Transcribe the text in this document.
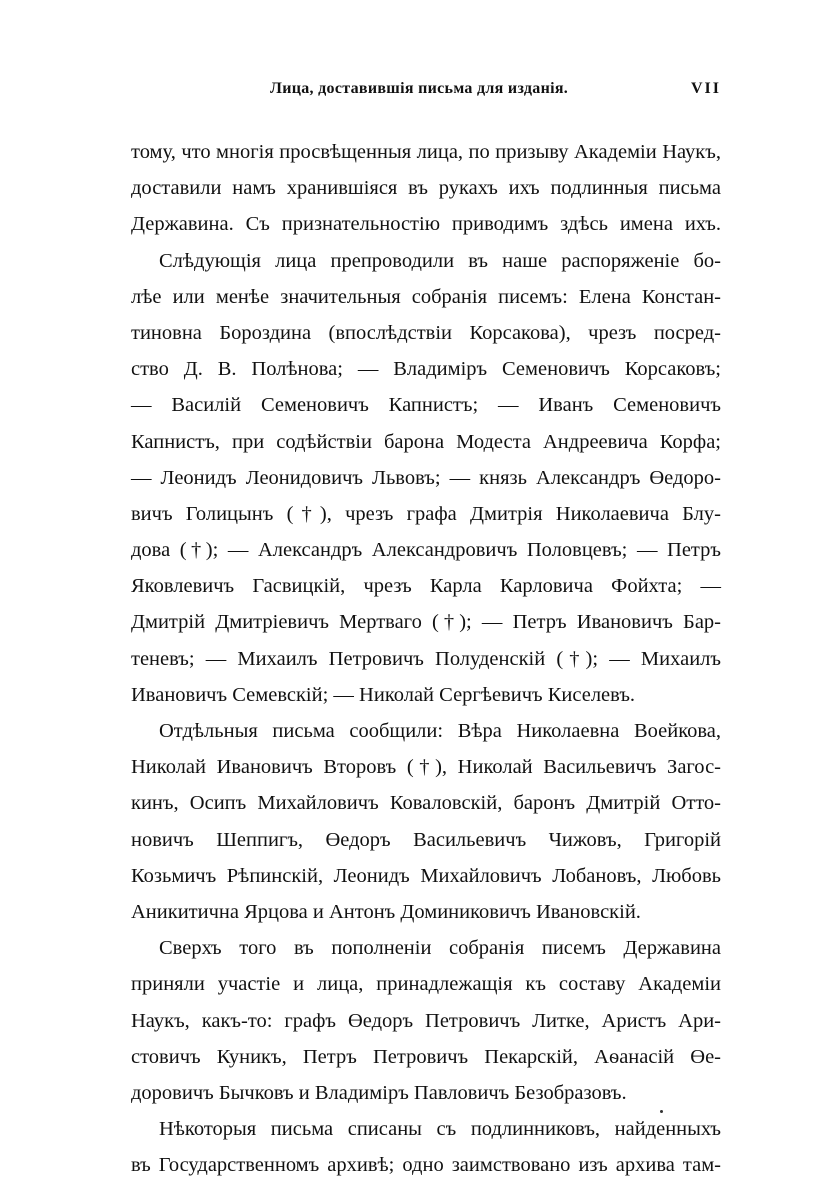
Лица, доставившія письма для изданія.	VII

тому, что многія просвѣщенныя лица, по призыву Академіи Наукъ,
доставили намъ хранившіяся въ рукахъ ихъ подлинныя письма
Державина. Съ признательностію приводимъ здѣсь имена ихъ.

Слѣдующія лица препроводили въ наше распоряженіе бо-
лѣе или менѣе значительныя собранія писемъ: Елена Констан-
тиновна Бороздина (впослѣдствіи Корсакова), чрезъ посред-
ство Д. В. Полѣнова; — Владиміръ Семеновичъ Корсаковъ;
— Василій Семеновичъ Капнистъ; — Иванъ Семеновичъ
Капнистъ, при содѣйствіи барона Модеста Андреевича Корфа;
— Леонидъ Леонидовичъ Львовъ; — князь Александръ Өедоро-
вичъ Голицынъ (†), чрезъ графа Дмитрія Николаевича Блу-
дова (†); — Александръ Александровичъ Половцевъ; — Петръ
Яковлевичъ Гасвицкій, чрезъ Карла Карловича Фойхта; —
Дмитрій Дмитріевичъ Мертваго (†); — Петръ Ивановичъ Бар-
теневъ; — Михаилъ Петровичъ Полуденскій (†); — Михаилъ
Ивановичъ Семевскій; — Николай Сергѣевичъ Киселевъ.

Отдѣльныя письма сообщили: Вѣра Николаевна Воейкова,
Николай Ивановичъ Второвъ (†), Николай Васильевичъ Загос-
кинъ, Осипъ Михайловичъ Коваловскій, баронъ Дмитрій Отто-
новичъ Шеппигъ, Өедоръ Васильевичъ Чижовъ, Григорій
Козьмичъ Рѣпинскій, Леонидъ Михайловичъ Лобановъ, Любовь
Аникитична Ярцова и Антонъ Доминиковичъ Ивановскій.

Сверхъ того въ пополненіи собранія писемъ Державина
приняли участіе и лица, принадлежащія къ составу Академіи
Наукъ, какъ-то: графъ Өедоръ Петровичъ Литке, Аристъ Ари-
стовичъ Куникъ, Петръ Петровичъ Пекарскій, Аѳанасій Өе-
доровичъ Бычковъ и Владиміръ Павловичъ Безобразовъ.

Нѣкоторыя письма списаны съ подлинниковъ, найденныхъ
въ Государственномъ архивѣ; одно заимствовано изъ архива там-
